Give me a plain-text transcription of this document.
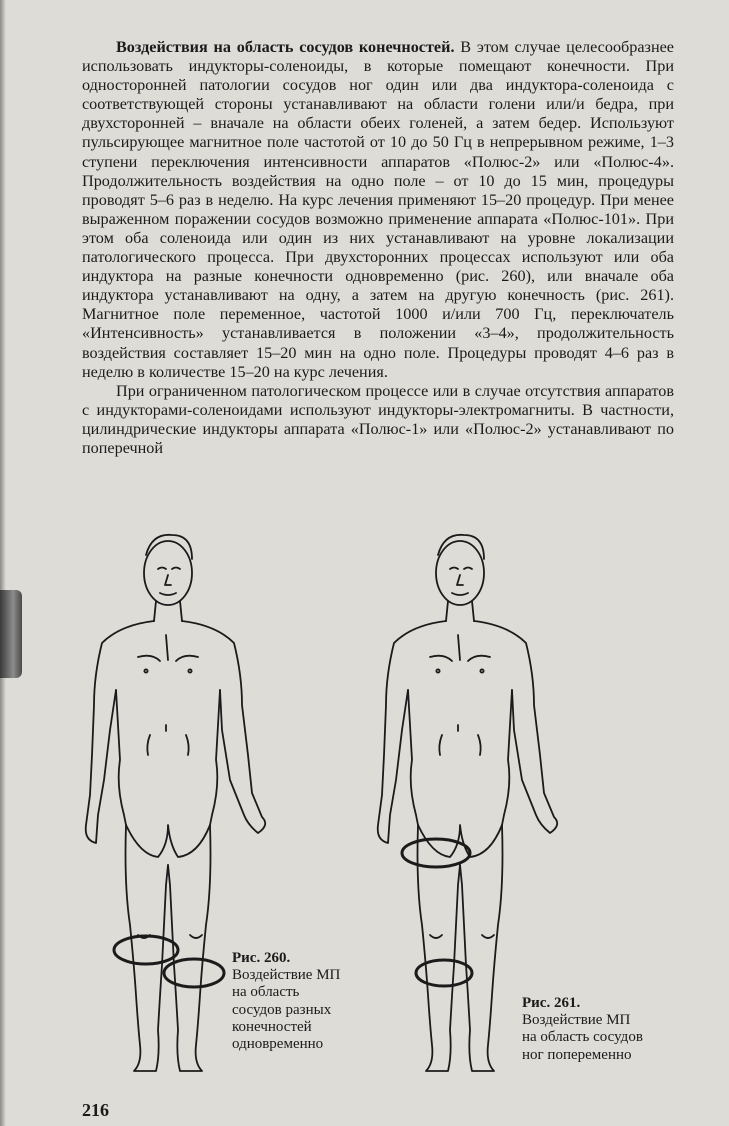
Воздействия на область сосудов конечностей. В этом случае целесообразнее использовать индукторы-соленоиды, в которые помещают конечности. При односторонней патологии сосудов ног один или два индуктора-соленоида с соответствующей стороны устанавливают на области голени или/и бедра, при двухсторонней – вначале на области обеих голеней, а затем бедер. Используют пульсирующее магнитное поле частотой от 10 до 50 Гц в непрерывном режиме, 1–3 ступени переключения интенсивности аппаратов «Полюс-2» или «Полюс-4». Продолжительность воздействия на одно поле – от 10 до 15 мин, процедуры проводят 5–6 раз в неделю. На курс лечения применяют 15–20 процедур. При менее выраженном поражении сосудов возможно применение аппарата «Полюс-101». При этом оба соленоида или один из них устанавливают на уровне локализации патологического процесса. При двухсторонних процессах используют или оба индуктора на разные конечности одновременно (рис. 260), или вначале оба индуктора устанавливают на одну, а затем на другую конечность (рис. 261). Магнитное поле переменное, частотой 1000 и/или 700 Гц, переключатель «Интенсивность» устанавливается в положении «3–4», продолжительность воздействия составляет 15–20 мин на одно поле. Процедуры проводят 4–6 раз в неделю в количестве 15–20 на курс лечения.

При ограниченном патологическом процессе или в случае отсутствия аппаратов с индукторами-соленоидами используют индукторы-электромагниты. В частности, цилиндрические индукторы аппарата «Полюс-1» или «Полюс-2» устанавливают по поперечной

Рис. 260.
Воздействие МП
на область
сосудов разных
конечностей
одновременно
Рис. 261.
Воздействие МП
на область сосудов
ног попеременно
216
